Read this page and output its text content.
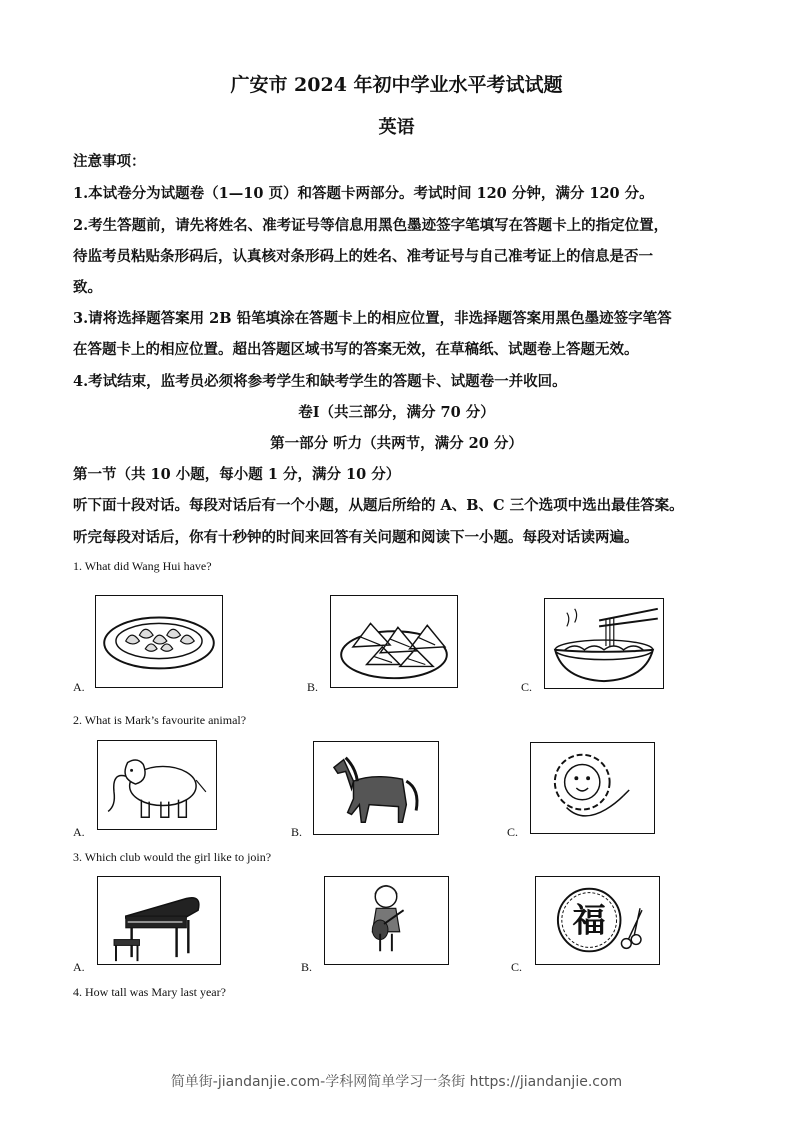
广安市 2024 年初中学业水平考试试题
英语
注意事项：
1.本试卷分为试题卷（1—10 页）和答题卡两部分。考试时间 120 分钟，满分 120 分。
2.考生答题前，请先将姓名、准考证号等信息用黑色墨迹签字笔填写在答题卡上的指定位置，
待监考员粘贴条形码后，认真核对条形码上的姓名、准考证号与自己准考证上的信息是否一
致。
3.请将选择题答案用 2B 铅笔填涂在答题卡上的相应位置，非选择题答案用黑色墨迹签字笔答
在答题卡上的相应位置。超出答题区域书写的答案无效，在草稿纸、试题卷上答题无效。
4.考试结束，监考员必须将参考学生和缺考学生的答题卡、试题卷一并收回。
卷Ⅰ（共三部分，满分 70 分）
第一部分 听力（共两节，满分 20 分）
第一节（共 10 小题，每小题 1 分，满分 10 分）
听下面十段对话。每段对话后有一个小题，从题后所给的 A、B、C 三个选项中选出最佳答案。
听完每段对话后，你有十秒钟的时间来回答有关问题和阅读下一小题。每段对话读两遍。
1. What did Wang Hui have?
A.	B.	C.
2. What is Mark’s favourite animal?
A.	B.	C.
3. Which club would the girl like to join?
A.	B.
福
C.
4. How tall was Mary last year?
简单街-jiandanjie.com-学科网简单学习一条街 https://jiandanjie.com
